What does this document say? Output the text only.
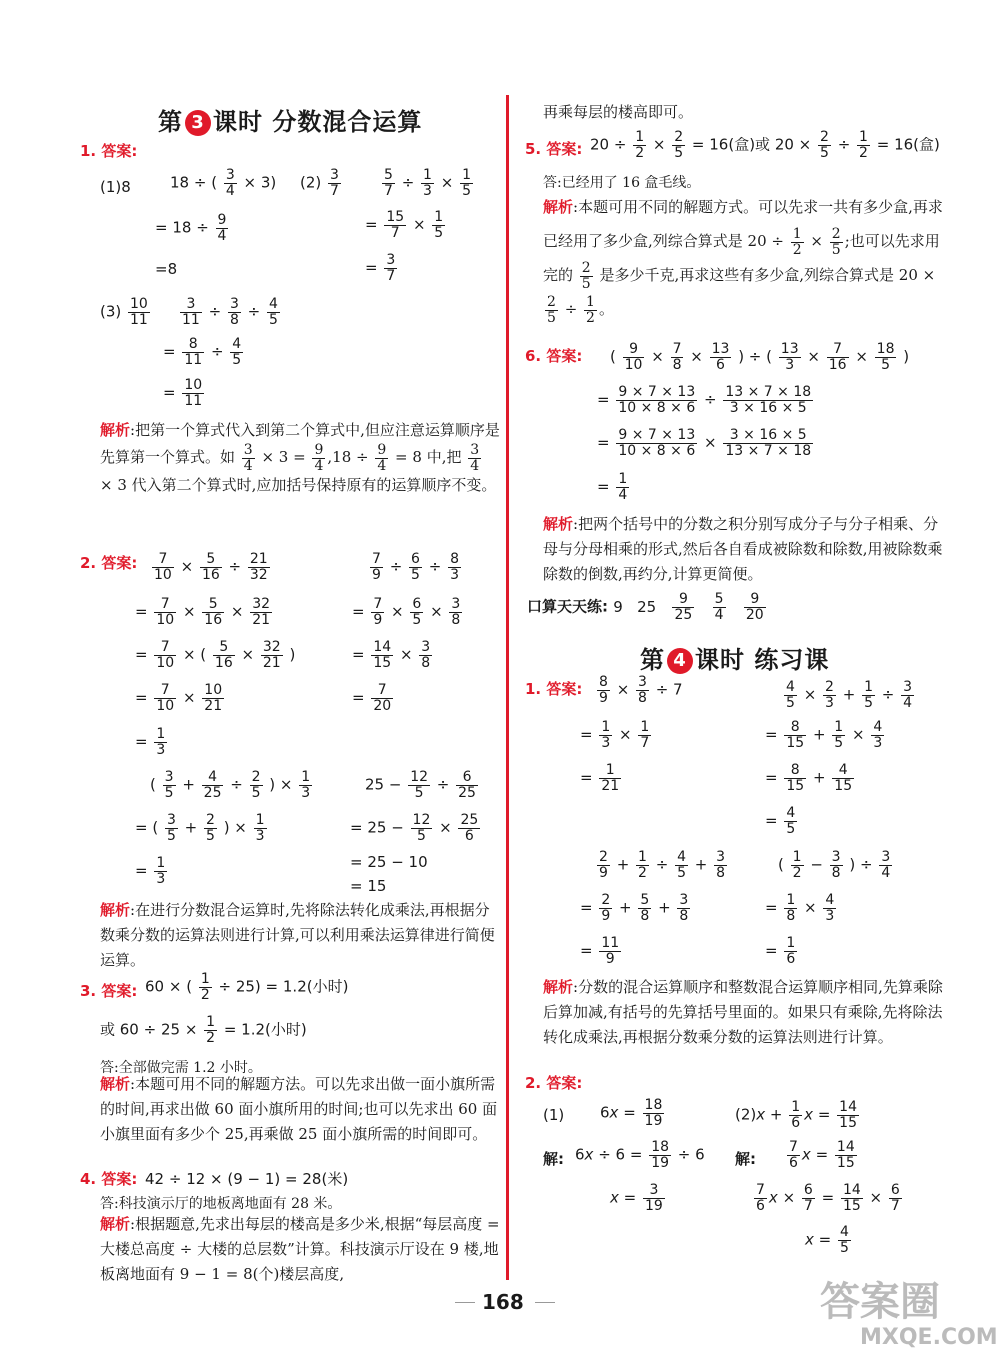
第 3 课时 分数混合运算
1. 答案:
(1)8	18 ÷ ( $\frac{3}{4} \times 3$)
= $18 \div \frac{9}{4}$
=8
$(2) \frac{3}{7}$	$\frac{5}{7} \div \frac{1}{3} \times \frac{1}{5}$
= $\frac{15}{7} \times \frac{1}{5}$
= $\frac{3}{7}$
$(3) \frac{10}{11} \frac{3}{11} \div \frac{3}{8} \div \frac{4}{5}$
= $\frac{8}{11} \div \frac{4}{5}$
= $\frac{10}{11}$
解析:把第一个算式代入到第二个算式中,但应注意运算顺序是先算第一个算式。如 $\frac{3}{4} \times 3 = \frac{9}{4} ,18 \div \frac{9}{4} = 8$ 中,把 $\frac{3}{4}$
× 3 代入第二个算式时,应加括号保持原有的运算顺序不变。
2. 答案: $\frac{7}{10} \times \frac{5}{16} \div \frac{21}{32}$
= $\frac{7}{10} \times \frac{5}{16} \times \frac{32}{21}$
= $\frac{7}{10}$ × ( $\frac{5}{16} \times \frac{32}{21}$ )
= $\frac{7}{10} \times \frac{10}{21}$
= $\frac{1}{3}$
$\frac{7}{9} \div \frac{6}{5} \div \frac{8}{3}$
= $\frac{7}{9} \times \frac{6}{5} \times \frac{3}{8}$
= $\frac{14}{15} \times \frac{3}{8}$
= $\frac{7}{20}$
( $\frac{3}{5} + \frac{4}{25} \div \frac{2}{5}$ ) × $\frac{1}{3}$
= ( $\frac{3}{5} + \frac{2}{5}$ ) × $\frac{1}{3}$
= $\frac{1}{3}$
$25 - \frac{12}{5} \div \frac{6}{25}$
= $25 - \frac{12}{5} \times \frac{25}{6}$
= 25 − 10
= 15
解析:在进行分数混合运算时,先将除法转化成乘法,再根据分数乘分数的运算法则进行计算,可以利用乘法运算律进行简便运算。
3. 答案: 60 × ( $\frac{1}{2} \div 25) = 1.2$(小时)
或 $60 \div 25 \times \frac{1}{2} = 1.2$(小时)
答:全部做完需 1.2 小时。
解析:本题可用不同的解题方法。可以先求出做一面小旗所需的时间,再求出做 60 面小旗所用的时间;也可以先求出 60 面小旗里面有多少个 25,再乘做 25 面小旗所需的时间即可。
4. 答案: 42 ÷ 12 × (9 − 1) = 28(米)
答:科技演示厅的地板离地面有 28 米。
解析:根据题意,先求出每层的楼高是多少米,根据“每层高度 = 大楼总高度 ÷ 大楼的总层数”计算。科技演示厅设在 9 楼,地板离地面有 9 − 1 = 8(个)楼层高度,
再乘每层的楼高即可。
5. 答案: $20 \div \frac{1}{2} \times \frac{2}{5} = 16$(盒)或 $20 \times \frac{2}{5} \div \frac{1}{2} = 16$(盒)
答:已经用了 16 盒毛线。
解析:本题可用不同的解题方式。可以先求一共有多少盒,再求已经用了多少盒,列综合算式是 $20 \div \frac{1}{2} \times \frac{2}{5}$ ;也可以先求用完的 $\frac{2}{5}$ 是多少千克,再求这些有多少盒,列综合算式是 20 ×
$\frac{2}{5} \div \frac{1}{2}$ 。
6. 答案: ( $\frac{9}{10} \times \frac{7}{8} \times \frac{13}{6}$ ) ÷ ( $\frac{13}{3} \times \frac{7}{16} \times \frac{18}{5}$ )
= $\frac{9 \times 7 \times 13}{10 \times 8 \times 6} \div \frac{13 \times 7 \times 18}{3 \times 16 \times 5}$
= $\frac{9 \times 7 \times 13}{10 \times 8 \times 6} \times \frac{3 \times 16 \times 5}{13 \times 7 \times 18}$
= $\frac{1}{4}$
解析:把两个括号中的分数之积分别写成分子与分子相乘、分母与分母相乘的形式,然后各自看成被除数和除数,用被除数乘除数的倒数,再约分,计算更简便。
口算天天练: 9   $25 \frac{9}{25}$
$\frac{5}{4}$
$\frac{9}{20}$
第 4 课时 练习课
1. 答案: $\frac{8}{9} \times \frac{3}{8} \div 7$
= $\frac{1}{3} \times \frac{1}{7}$
= $\frac{1}{21}$
$\frac{4}{5} \times \frac{2}{3} + \frac{1}{5} \div \frac{3}{4}$
= $\frac{8}{15} + \frac{1}{5} \times \frac{4}{3}$
= $\frac{8}{15} + \frac{4}{15}$
= $\frac{4}{5}$
$\frac{2}{9} + \frac{1}{2} \div \frac{4}{5} + \frac{3}{8}$
= $\frac{2}{9} + \frac{5}{8} + \frac{3}{8}$
= $\frac{11}{9}$
( $\frac{1}{2} - \frac{3}{8}$ ) ÷ $\frac{3}{4}$
= $\frac{1}{8} \times \frac{4}{3}$
= $\frac{1}{6}$
解析:分数的混合运算顺序和整数混合运算顺序相同,先算乘除后算加减,有括号的先算括号里面的。如果只有乘除,先将除法转化成乘法,再根据分数乘分数的运算法则进行计算。
2. 答案:
(1) $6x = \frac{18}{19}$
解: $6x \div 6 = \frac{18}{19} \div 6$
$x = \frac{3}{19}$
$(2)x + \frac{1}{6}$ $x = \frac{14}{15}$
解: $\frac{7}{6}$ $x = \frac{14}{15}$
$\frac{7}{6}$ $x \times \frac{6}{7} = \frac{14}{15} \times \frac{6}{7}$
$x = \frac{4}{5}$
168	答案圈
MXQE.COM
